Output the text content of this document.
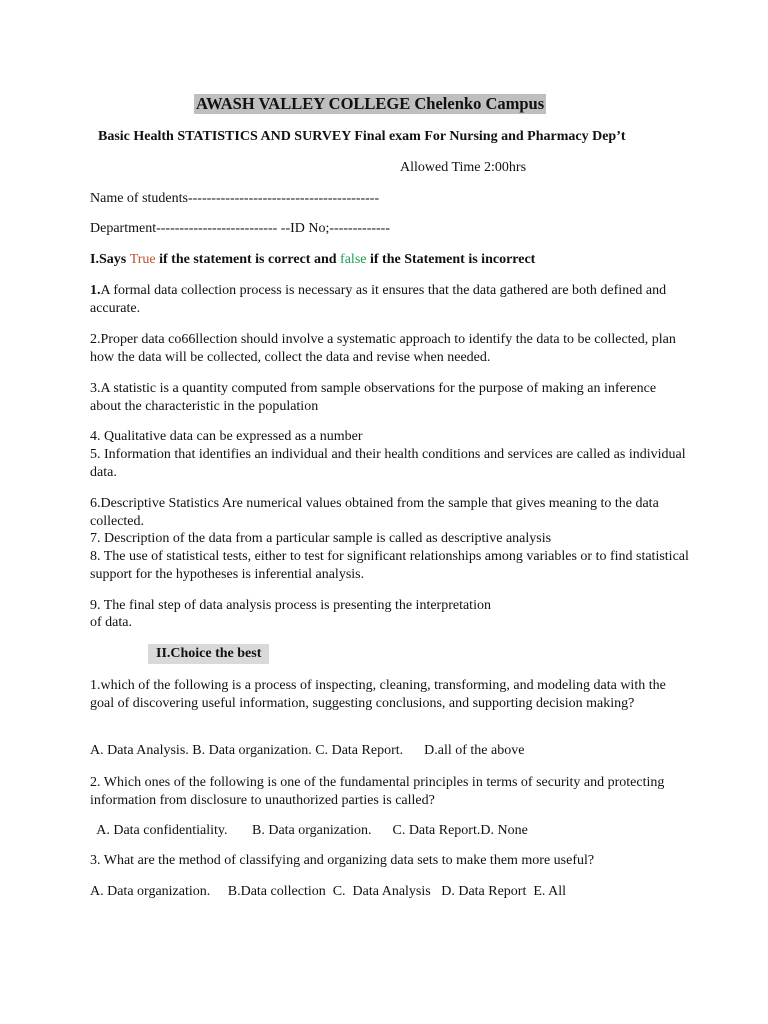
AWASH VALLEY COLLEGE Chelenko Campus
Basic Health STATISTICS AND SURVEY Final exam For Nursing and Pharmacy Dep’t
Allowed Time 2:00hrs
Name of students-----------------------------------------
Department-------------------------- --ID No;-------------
I.Says True if the statement is correct and false if the Statement is incorrect
1.A formal data collection process is necessary as it ensures that the data gathered are both defined and accurate.
2.Proper data co66llection should involve a systematic approach to identify the data to be collected, plan how the data will be collected, collect the data and revise when needed.
3.A statistic is a quantity computed from sample observations for the purpose of making an inference about the characteristic in the population
4. Qualitative data can be expressed as a number
5. Information that identifies an individual and their health conditions and services are called as individual data.
6.Descriptive Statistics Are numerical values obtained from the sample that gives meaning to the data collected.
7. Description of the data from a particular sample is called as descriptive analysis
8. The use of statistical tests, either to test for significant relationships among variables or to find statistical support for the hypotheses is inferential analysis.
9. The final step of data analysis process is presenting the interpretation
of data.
II.Choice the best
1.which of the following is a process of inspecting, cleaning, transforming, and modeling data with the goal of discovering useful information, suggesting conclusions, and supporting decision making?
A. Data Analysis. B. Data organization. C. Data Report.      D.all of the above
2. Which ones of the following is one of the fundamental principles in terms of security and protecting information from disclosure to unauthorized parties is called?
A. Data confidentiality.       B. Data organization.      C. Data Report.D. None
3. What are the method of classifying and organizing data sets to make them more useful?
A. Data organization.     B.Data collection  C.  Data Analysis   D. Data Report  E. All
